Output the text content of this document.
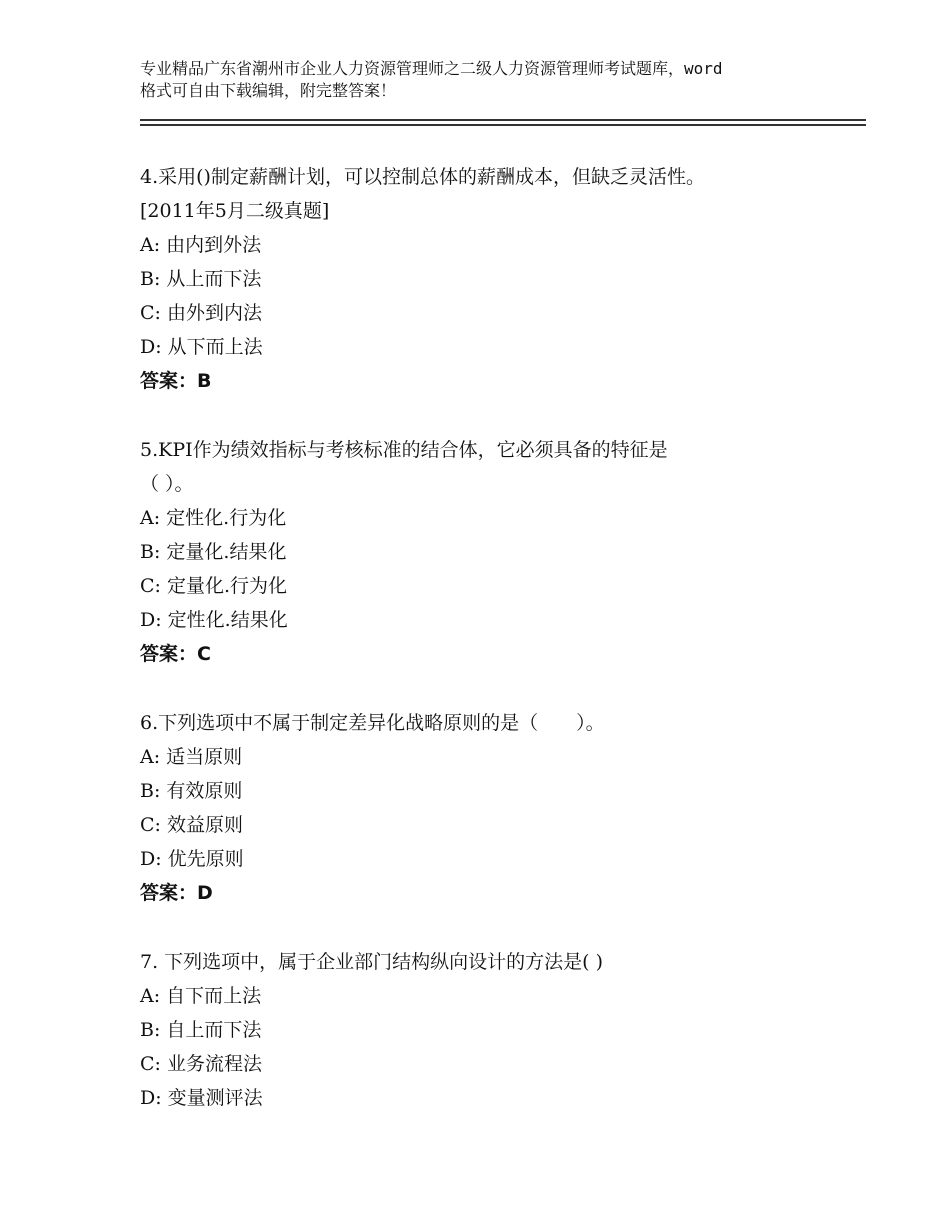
专业精品广东省潮州市企业人力资源管理师之二级人力资源管理师考试题库，word
格式可自由下载编辑，附完整答案！
4.采用()制定薪酬计划，可以控制总体的薪酬成本，但缺乏灵活性。
[2011年5月二级真题]
A: 由内到外法
B: 从上而下法
C: 由外到内法
D: 从下而上法
答案：B
5.KPI作为绩效指标与考核标准的结合体，它必须具备的特征是
（ ）。
A: 定性化.行为化
B: 定量化.结果化
C: 定量化.行为化
D: 定性化.结果化
答案：C
6.下列选项中不属于制定差异化战略原则的是（　　）。
A: 适当原则
B: 有效原则
C: 效益原则
D: 优先原则
答案：D
7. 下列选项中，属于企业部门结构纵向设计的方法是( )
A: 自下而上法
B: 自上而下法
C: 业务流程法
D: 变量测评法
